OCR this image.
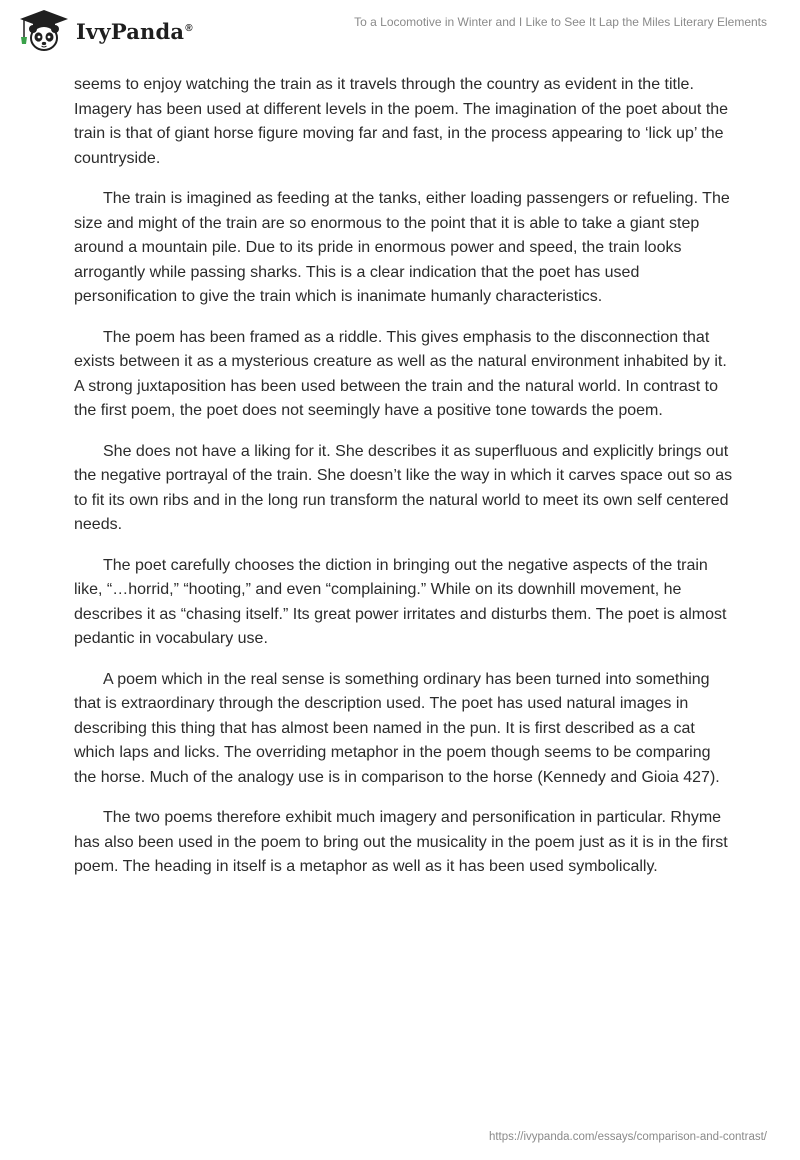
IvyPanda®	To a Locomotive in Winter and I Like to See It Lap the Miles Literary Elements

seems to enjoy watching the train as it travels through the country as evident in the title. Imagery has been used at different levels in the poem. The imagination of the poet about the train is that of giant horse figure moving far and fast, in the process appearing to ‘lick up’ the countryside.

The train is imagined as feeding at the tanks, either loading passengers or refueling. The size and might of the train are so enormous to the point that it is able to take a giant step around a mountain pile. Due to its pride in enormous power and speed, the train looks arrogantly while passing sharks. This is a clear indication that the poet has used personification to give the train which is inanimate humanly characteristics.

The poem has been framed as a riddle. This gives emphasis to the disconnection that exists between it as a mysterious creature as well as the natural environment inhabited by it. A strong juxtaposition has been used between the train and the natural world. In contrast to the first poem, the poet does not seemingly have a positive tone towards the poem.

She does not have a liking for it. She describes it as superfluous and explicitly brings out the negative portrayal of the train. She doesn’t like the way in which it carves space out so as to fit its own ribs and in the long run transform the natural world to meet its own self centered needs.

The poet carefully chooses the diction in bringing out the negative aspects of the train like, “…horrid,” “hooting,” and even “complaining.” While on its downhill movement, he describes it as “chasing itself.” Its great power irritates and disturbs them. The poet is almost pedantic in vocabulary use.

A poem which in the real sense is something ordinary has been turned into something that is extraordinary through the description used. The poet has used natural images in describing this thing that has almost been named in the pun. It is first described as a cat which laps and licks. The overriding metaphor in the poem though seems to be comparing the horse. Much of the analogy use is in comparison to the horse (Kennedy and Gioia 427).

The two poems therefore exhibit much imagery and personification in particular. Rhyme has also been used in the poem to bring out the musicality in the poem just as it is in the first poem. The heading in itself is a metaphor as well as it has been used symbolically.

https://ivypanda.com/essays/comparison-and-contrast/
